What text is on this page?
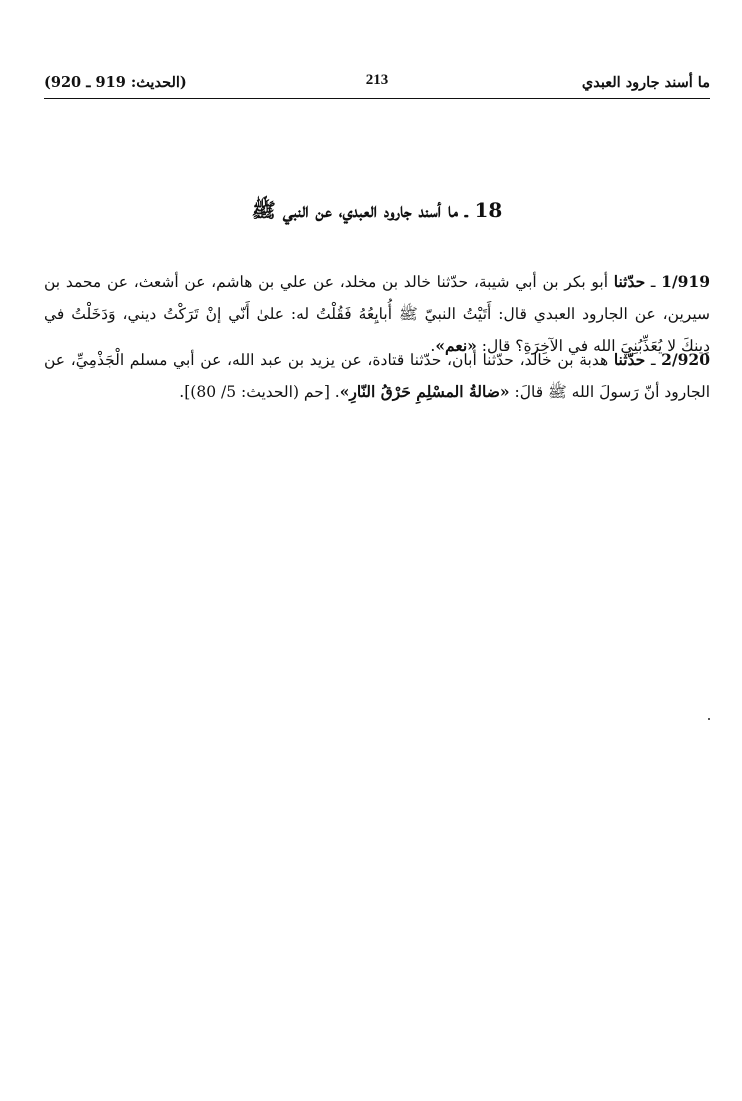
ما أسند جارود العبدي
213
(الحديث: 919 ـ 920)
18 ـ ما أسند جارود العبدي، عن النبي ﷺ

1/919 ـ حدّثنا أبو بكر بن أبي شيبة، حدّثنا خالد بن مخلد، عن علي بن هاشم، عن أشعث، عن محمد بن سيرين، عن الجارود العبدي قال: أَتَيْتُ النبيّ ﷺ أُبايِعُهُ فَقُلْتُ له: علىٰ أَنّي إنْ تَرَكْتُ ديني، وَدَخَلْتُ في دِينكَ لا يُعَذِّبُنِيَ الله في الآخِرَةِ؟ قال: «نعم».

2/920 ـ حدّثنا هدبة بن خالد، حدّثنا أبان، حدّثنا قتادة، عن يزيد بن عبد الله، عن أبي مسلم الْجَذْمِيِّ، عن الجارود أنّ رَسولَ الله ﷺ قالَ: «ضالةُ المسْلِمِ حَرْقُ النّارِ». [حم (الحديث: 5/ 80)].
